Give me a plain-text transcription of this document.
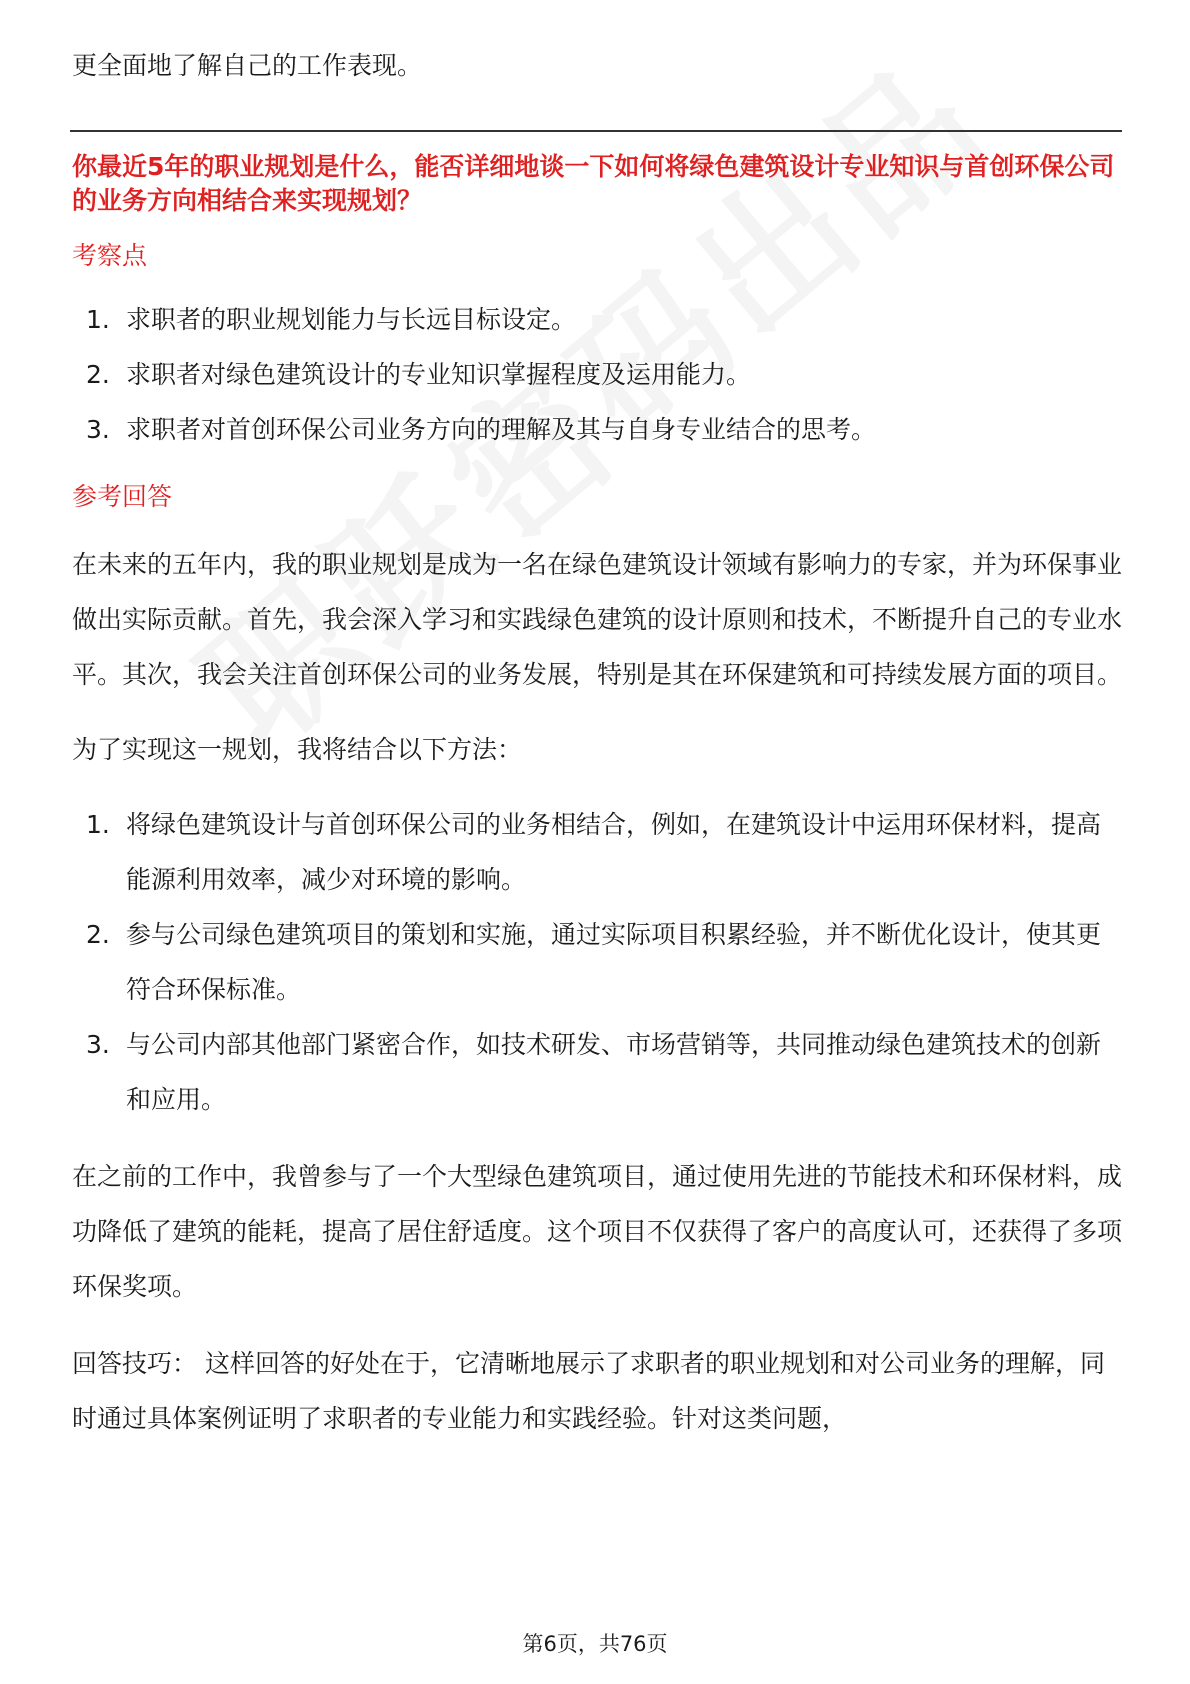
更全面地了解自己的工作表现。
你最近5年的职业规划是什么，能否详细地谈一下如何将绿色建筑设计专业知识与首创环保公司的业务方向相结合来实现规划？
考察点
1. 求职者的职业规划能力与长远目标设定。
2. 求职者对绿色建筑设计的专业知识掌握程度及运用能力。
3. 求职者对首创环保公司业务方向的理解及其与自身专业结合的思考。
参考回答

在未来的五年内，我的职业规划是成为一名在绿色建筑设计领域有影响力的专家，并为环保事业做出实际贡献。首先，我会深入学习和实践绿色建筑的设计原则和技术，不断提升自己的专业水平。其次，我会关注首创环保公司的业务发展，特别是其在环保建筑和可持续发展方面的项目。

为了实现这一规划，我将结合以下方法：

1. 将绿色建筑设计与首创环保公司的业务相结合，例如，在建筑设计中运用环保材料，提高能源利用效率，减少对环境的影响。
2. 参与公司绿色建筑项目的策划和实施，通过实际项目积累经验，并不断优化设计，使其更符合环保标准。
3. 与公司内部其他部门紧密合作，如技术研发、市场营销等，共同推动绿色建筑技术的创新和应用。

在之前的工作中，我曾参与了一个大型绿色建筑项目，通过使用先进的节能技术和环保材料，成功降低了建筑的能耗，提高了居住舒适度。这个项目不仅获得了客户的高度认可，还获得了多项环保奖项。

回答技巧： 这样回答的好处在于，它清晰地展示了求职者的职业规划和对公司业务的理解，同时通过具体案例证明了求职者的专业能力和实践经验。针对这类问题，

第6页，共76页
